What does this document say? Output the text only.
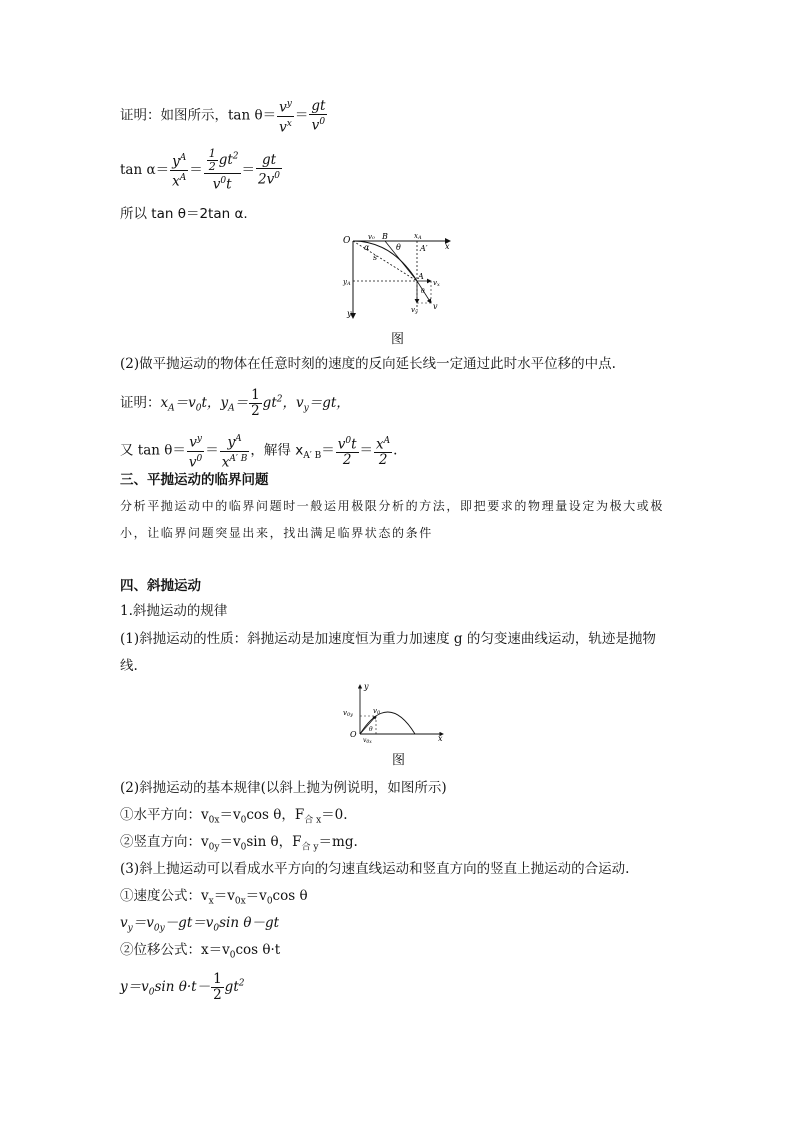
证明：如图所示，$\tan \theta= \frac{v^y}{v^x} = \frac{gt}{v^0}$
$\tan \alpha= \frac{y^A}{x^A} = \frac{\frac{1}{2} gt^2}{v^0t} = \frac{gt}{2v^0}$
所以 tan θ＝2tan α.
O	v₀ B	xA
x
θ
α
s
A′
A
vx
yA
vy
v
θ
y
图
(2)做平抛运动的物体在任意时刻的速度的反向延长线一定通过此时水平位移的中点.
证明：$x_A=v_0t$，$y_A= \frac{1}{2} gt^2$，$v_y=gt$，
又 $\tan \theta= \frac{v^y}{v^0} = \frac{y^A}{x^{A' B}}$ ，解得 $x_{A' B}= \frac{v^0t}{2} = \frac{x^A}{2}$ .
三、平抛运动的临界问题
分析平抛运动中的临界问题时一般运用极限分析的方法，即把要求的物理量设定为极大或极
小，让临界问题突显出来，找出满足临界状态的条件
四、斜抛运动
1.斜抛运动的规律
(1)斜抛运动的性质：斜抛运动是加速度恒为重力加速度 g 的匀变速曲线运动，轨迹是抛物
线.
y
v0y	v0
θ
O
v0x	x
图
(2)斜抛运动的基本规律(以斜上抛为例说明，如图所示)
①水平方向：$v_{0x}=v_0\cos$ θ，$F_{合 x}=0$.
②竖直方向：$v_{0y}=v_0\sin$ θ，$F_{合 y}=mg$.
(3)斜上抛运动可以看成水平方向的匀速直线运动和竖直方向的竖直上抛运动的合运动.
①速度公式：$v_x=v_{0x}=v_0\cos$ θ
$v_y=v_{0y}-gt=v_0\sin$ θ－gt
②位移公式：$x=v_0\cos$ θ·t
$y=v_0\sin$ $\theta\cdot t- \frac{1}{2} gt^2$
